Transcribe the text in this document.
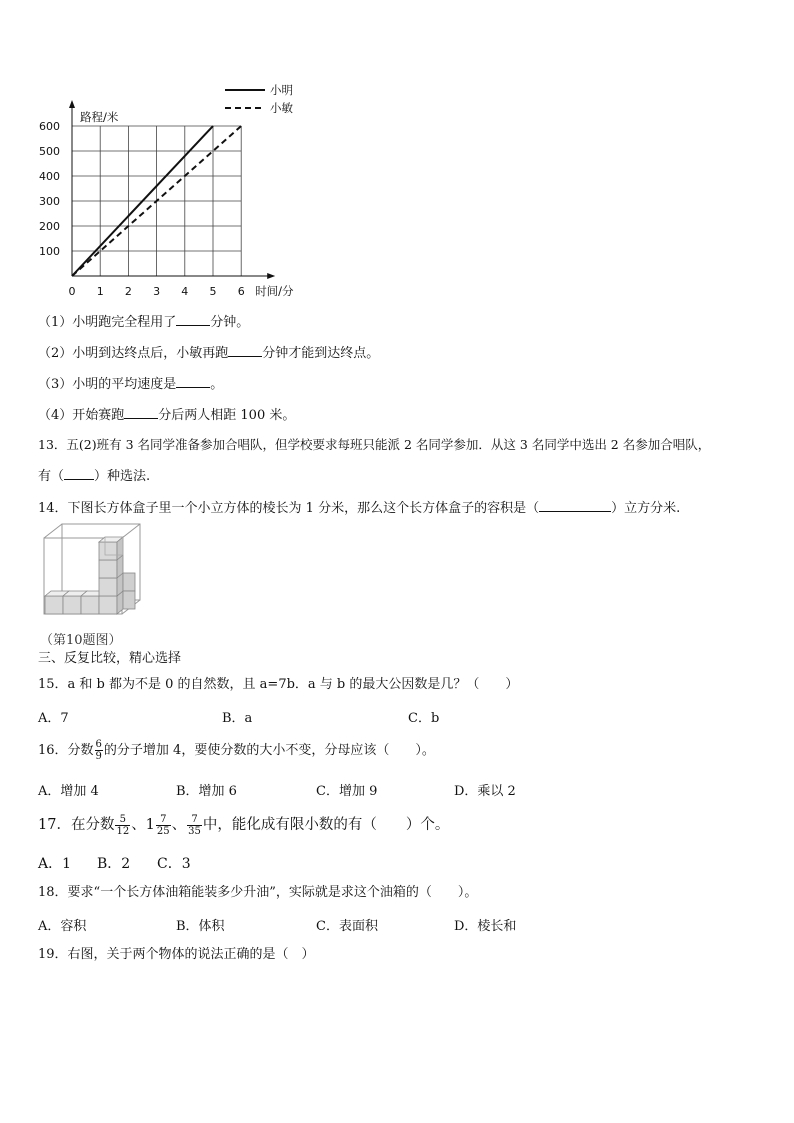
0 1 2 3 4 5 6
100
200
300
400
500
600
时间/分
路程/米
小明
小敏
（1）小明跑完全程用了	分钟。
（2）小明到达终点后，小敏再跑	分钟才能到达终点。
（3）小明的平均速度是	。
（4）开始赛跑	分后两人相距 100 米。
13．五(2)班有 3 名同学准备参加合唱队，但学校要求每班只能派 2 名同学参加．从这 3 名同学中选出 2 名参加合唱队，
有（ ）种选法.
14．下图长方体盒子里一个小立方体的棱长为 1 分米，那么这个长方体盒子的容积是（	）立方分米.
（第10题图）
三、反复比较，精心选择
15．a 和 b 都为不是 0 的自然数，且 a=7b．a 与 b 的最大公因数是几？（　　）
A．7	B．a	C．b
16．分数 $\frac{6}{9}$ 的分子增加 4，要使分数的大小不变，分母应该（　　）。
A．增加 4	B．增加 6	C．增加 9	D．乘以 2
17．在分数 $\frac{5}{12}$ 、$1 \frac{7}{25}$ 、 $\frac{7}{35}$ 中，能化成有限小数的有（　　）个。
A．1 B．2 C．3
18．要求“一个长方体油箱能装多少升油”，实际就是求这个油箱的（　　）。
A．容积	B．体积	C．表面积	D．棱长和
19．右图，关于两个物体的说法正确的是（　）
